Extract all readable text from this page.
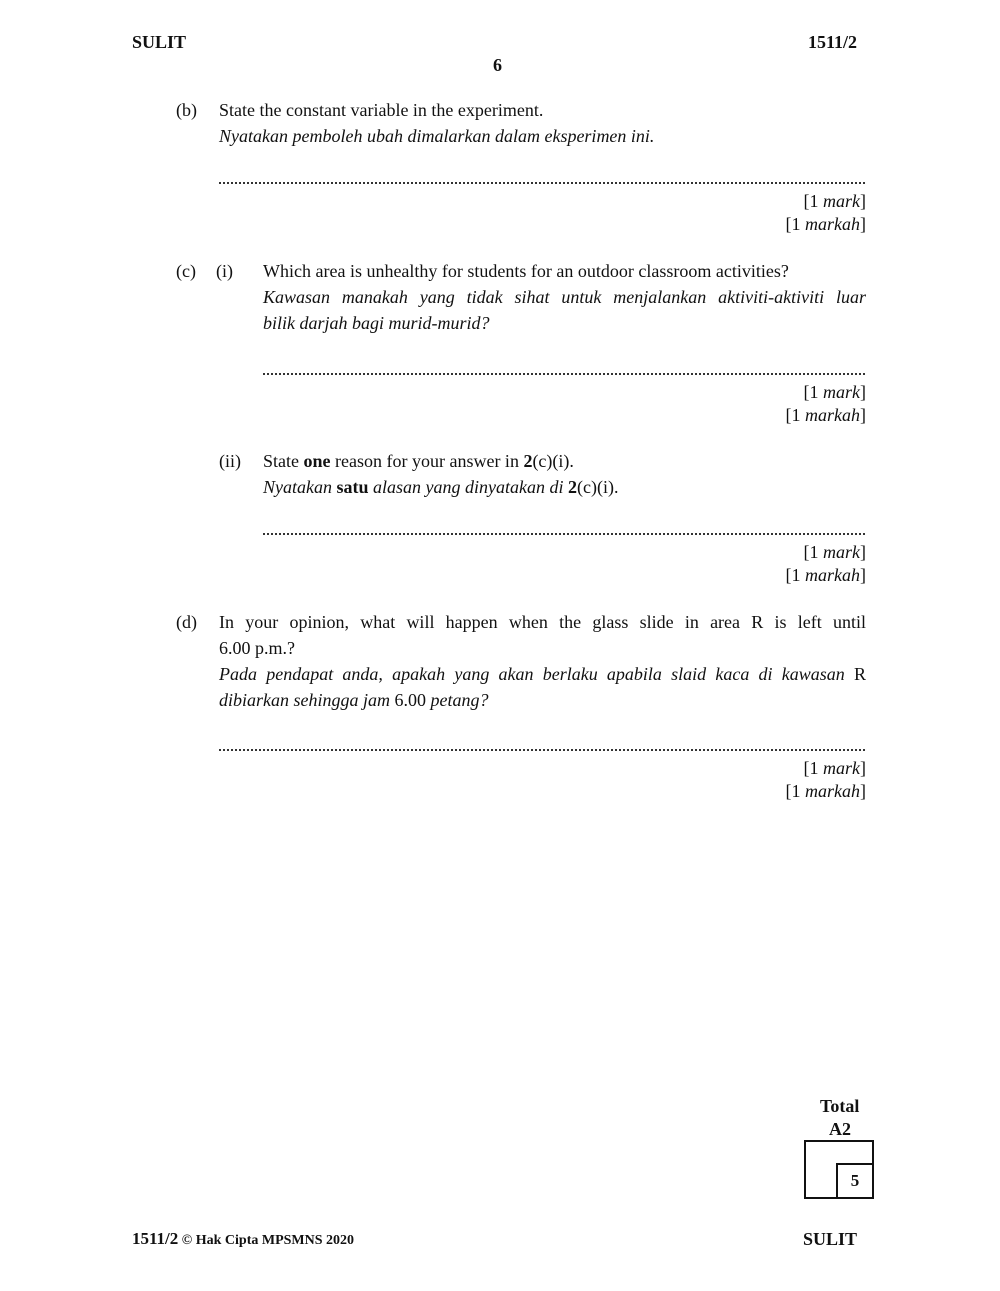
SULIT	1511/2
6
(b) State the constant variable in the experiment.
Nyatakan pemboleh ubah dimalarkan dalam eksperimen ini.
[1 mark]
[1 markah]
(c) (i) Which area is unhealthy for students for an outdoor classroom activities?
Kawasan manakah yang tidak sihat untuk menjalankan aktiviti-aktiviti luar
bilik darjah bagi murid-murid?
[1 mark]
[1 markah]
(ii) State one reason for your answer in 2(c)(i).
Nyatakan satu alasan yang dinyatakan di 2(c)(i).
[1 mark]
[1 markah]
(d) In your opinion, what will happen when the glass slide in area R is left until
6.00 p.m.?
Pada pendapat anda, apakah yang akan berlaku apabila slaid kaca di kawasan R
dibiarkan sehingga jam 6.00 petang?
[1 mark]
[1 markah]
Total
A2
5
1511/2 © Hak Cipta MPSMNS 2020	SULIT
